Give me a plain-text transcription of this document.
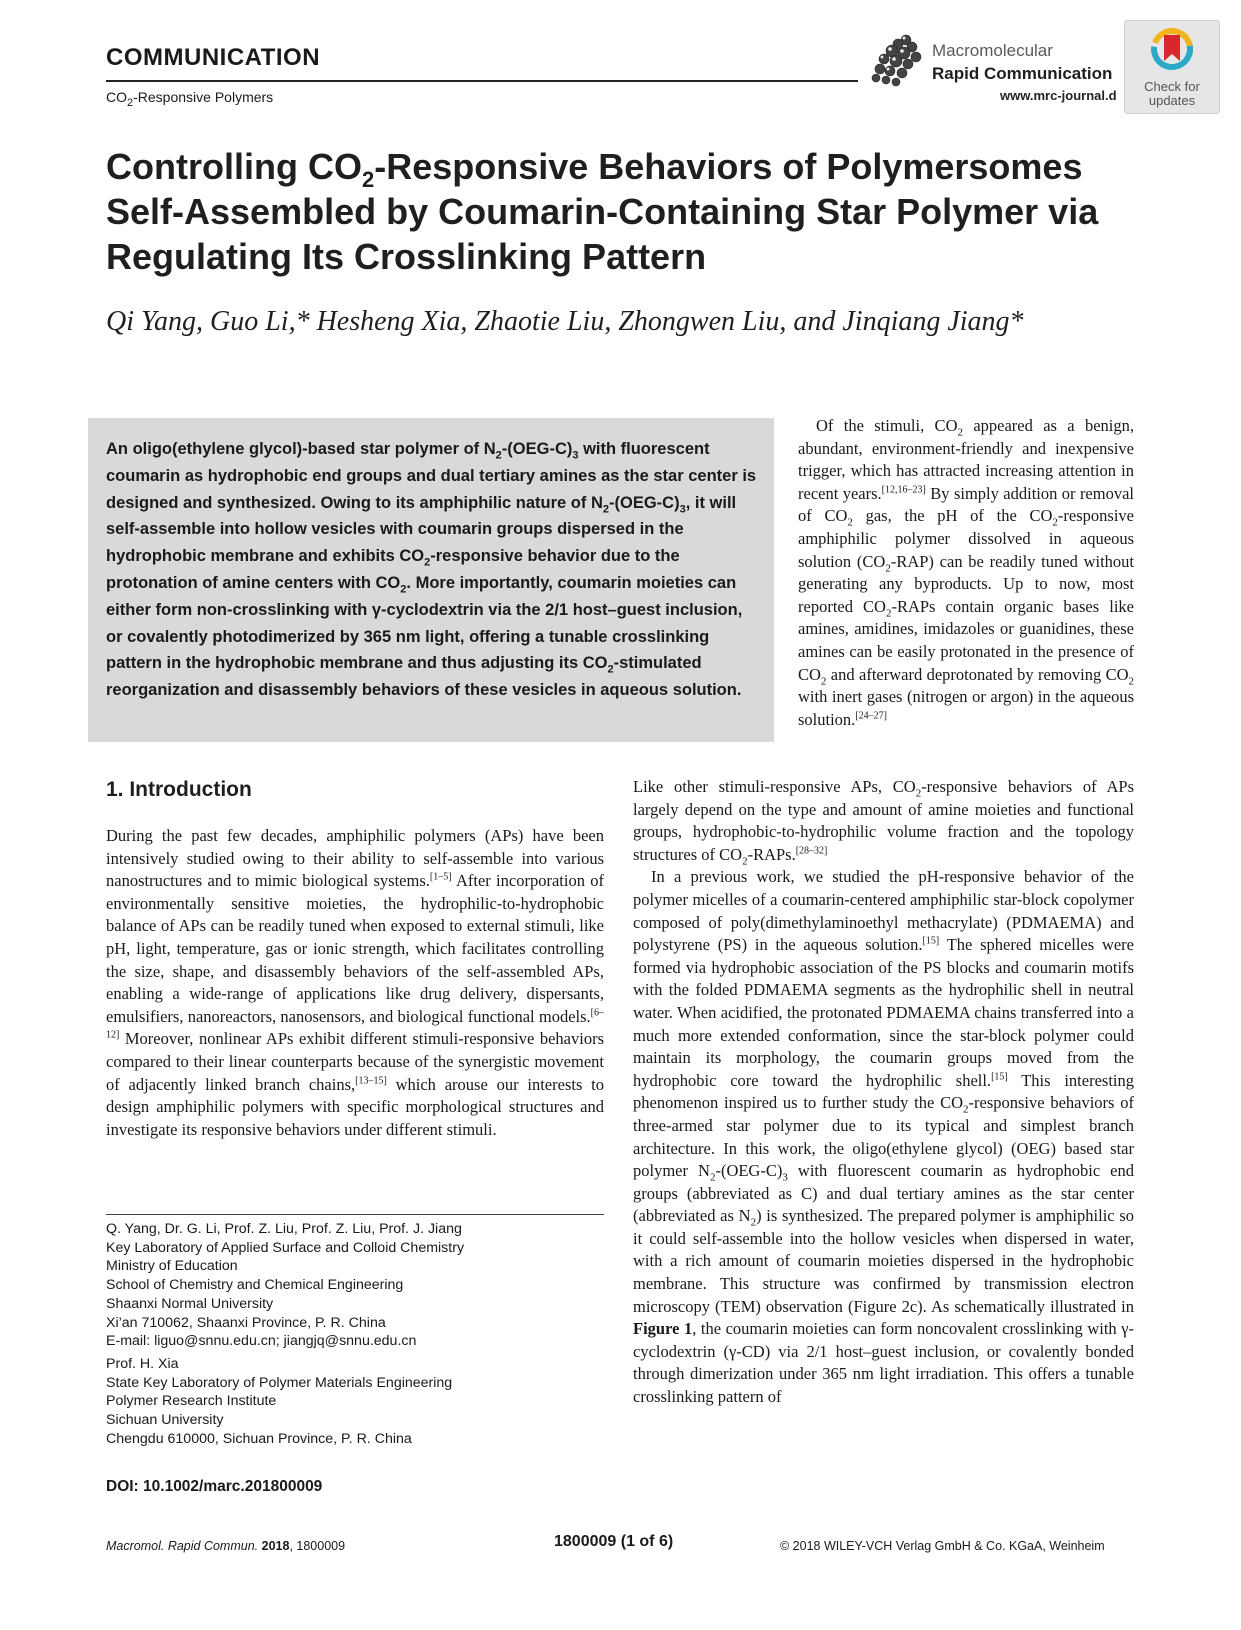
COMMUNICATION
$CO_2$-Responsive Polymers
Macromolecular
Rapid Communication
www.mrc-journal.d
Check for
updates
Controlling $CO_2$-Responsive Behaviors of Polymersomes
Self-Assembled by Coumarin-Containing Star Polymer via
Regulating Its Crosslinking Pattern
Qi Yang, Guo Li,* Hesheng Xia, Zhaotie Liu, Zhongwen Liu, and Jinqiang Jiang*
An oligo(ethylene glycol)-based star polymer of $N_2-(OEG-C)_3$ with fluorescent coumarin as hydrophobic end groups and dual tertiary amines as the star center is designed and synthesized. Owing to its amphiphilic nature of $N_2-(OEG-C)_3$, it will self-assemble into hollow vesicles with coumarin groups dispersed in the hydrophobic membrane and exhibits $CO_2$-responsive behavior due to the protonation of amine centers with $CO_2$. More importantly, coumarin moieties can either form non-crosslinking with γ-cyclodextrin via the 2/1 host–guest inclusion, or covalently photodimerized by 365 nm light, offering a tunable crosslinking pattern in the hydrophobic membrane and thus adjusting its $CO_2$-stimulated reorganization and disassembly behaviors of these vesicles in aqueous solution.

Of the stimuli, $CO_2$ appeared as a benign, abundant, environment-friendly and inexpensive trigger, which has attracted increasing attention in recent years.[12,16–23] By simply addition or removal of $CO_2$ gas, the pH of the $CO_2$-responsive amphiphilic polymer dissolved in aqueous solution $(CO_2-RAP)$ can be readily tuned without generating any byproducts. Up to now, most reported $CO_2$-RAPs contain organic bases like amines, amidines, imidazoles or guanidines, these amines can be easily protonated in the presence of $CO_2$ and afterward deprotonated by removing $CO_2$ with inert gases (nitrogen or argon) in the aqueous solution.[24–27]

1. Introduction

During the past few decades, amphiphilic polymers (APs) have been intensively studied owing to their ability to self-assemble into various nanostructures and to mimic biological systems.[1–5] After incorporation of environmentally sensitive moieties, the hydrophilic-to-hydrophobic balance of APs can be readily tuned when exposed to external stimuli, like pH, light, temperature, gas or ionic strength, which facilitates controlling the size, shape, and disassembly behaviors of the self-assembled APs, enabling a wide-range of applications like drug delivery, dispersants, emulsifiers, nanoreactors, nanosensors, and biological functional models.[6–12] Moreover, nonlinear APs exhibit different stimuli-responsive behaviors compared to their linear counterparts because of the synergistic movement of adjacently linked branch chains,[13–15] which arouse our interests to design amphiphilic polymers with specific morphological structures and investigate its responsive behaviors under different stimuli.

Like other stimuli-responsive APs, $CO_2$-responsive behaviors of APs largely depend on the type and amount of amine moieties and functional groups, hydrophobic-to-hydrophilic volume fraction and the topology structures of $CO_2-RAPs.[28-32]$

In a previous work, we studied the pH-responsive behavior of the polymer micelles of a coumarin-centered amphiphilic star-block copolymer composed of poly(dimethylaminoethyl methacrylate) (PDMAEMA) and polystyrene (PS) in the aqueous solution.[15] The sphered micelles were formed via hydrophobic association of the PS blocks and coumarin motifs with the folded PDMAEMA segments as the hydrophilic shell in neutral water. When acidified, the protonated PDMAEMA chains transferred into a much more extended conformation, since the star-block polymer could maintain its morphology, the coumarin groups moved from the hydrophobic core toward the hydrophilic shell.[15] This interesting phenomenon inspired us to further study the $CO_2$-responsive behaviors of three-armed star polymer due to its typical and simplest branch architecture. In this work, the oligo(ethylene glycol) (OEG) based star polymer $N_2-(OEG-C)_3$ with fluorescent coumarin as hydrophobic end groups (abbreviated as C) and dual tertiary amines as the star center (abbreviated as $N_2$) is synthesized. The prepared polymer is amphiphilic so it could self-assemble into the hollow vesicles when dispersed in water, with a rich amount of coumarin moieties dispersed in the hydrophobic membrane. This structure was confirmed by transmission electron microscopy (TEM) observation (Figure 2c). As schematically illustrated in Figure 1, the coumarin moieties can form noncovalent crosslinking with γ-cyclodextrin (γ-CD) via 2/1 host–guest inclusion, or covalently bonded through dimerization under 365 nm light irradiation. This offers a tunable crosslinking pattern of

Q. Yang, Dr. G. Li, Prof. Z. Liu, Prof. Z. Liu, Prof. J. Jiang
Key Laboratory of Applied Surface and Colloid Chemistry
Ministry of Education
School of Chemistry and Chemical Engineering
Shaanxi Normal University
Xi’an 710062, Shaanxi Province, P. R. China
E-mail: liguo@snnu.edu.cn; jiangjq@snnu.edu.cn
Prof. H. Xia
State Key Laboratory of Polymer Materials Engineering
Polymer Research Institute
Sichuan University
Chengdu 610000, Sichuan Province, P. R. China
DOI: 10.1002/marc.201800009
Macromol. Rapid Commun. 2018, 1800009	1800009 (1 of 6)	© 2018 WILEY-VCH Verlag GmbH & Co. KGaA, Weinheim
